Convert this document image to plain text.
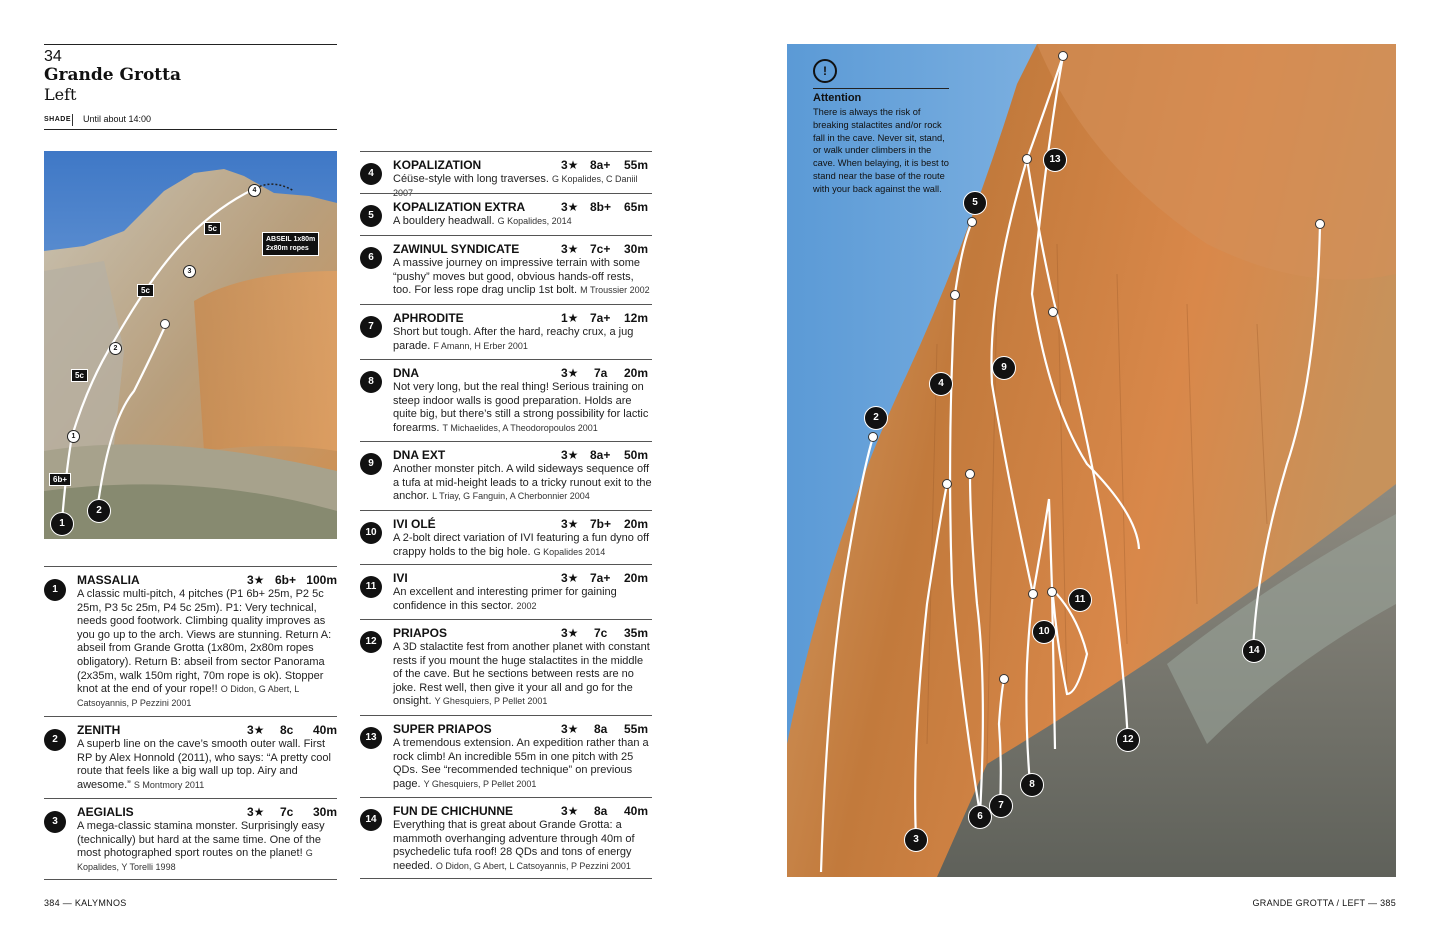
34
Grande Grotta
Left
SHADE Until about 14:00
5c
5c
5c
6b+
ABSEIL 1x80m
2x80m ropes
1
2
3
4
1
2
2
3
4
5
6
7
8
9
10
11
12
13
14
!
Attention
There is always the risk of breaking stalactites and/or rock fall in the cave. Never sit, stand, or walk under climbers in the cave. When belaying, it is best to stand near the base of the route with your back against the wall.
1
MASSALIA	3★ 6b+ 100m
A classic multi-pitch, 4 pitches (P1 6b+ 25m, P2 5c 25m, P3 5c 25m, P4 5c 25m). P1: Very technical, needs good footwork. Climbing quality improves as you go up to the arch. Views are stunning. Return A: abseil from Grande Grotta (1x80m, 2x80m ropes obligatory). Return B: abseil from sector Panorama (2x35m, walk 150m right, 70m rope is ok). Stopper knot at the end of your rope!! O Didon, G Abert, L Catsoyannis, P Pezzini 2001
2
ZENITH	3★ 8c	40m
A superb line on the cave’s smooth outer wall. First RP by Alex Honnold (2011), who says: “A pretty cool route that feels like a big wall up top. Airy and awesome.” S Montmory 2011
3
AEGIALIS	3★ 7c	30m
A mega-classic stamina monster. Surprisingly easy (technically) but hard at the same time. One of the most photographed sport routes on the planet! G Kopalides, Y Torelli 1998
4
KOPALIZATION	3★ 8a+	55m
Céüse-style with long traverses. G Kopalides, C Daniil 2007
5
KOPALIZATION EXTRA	3★ 8b+	65m
A bouldery headwall. G Kopalides, 2014
6
ZAWINUL SYNDICATE	3★ 7c+	30m
A massive journey on impressive terrain with some “pushy” moves but good, obvious hands-off rests, too. For less rope drag unclip 1st bolt. M Troussier 2002
7
APHRODITE	1★ 7a+	12m
Short but tough. After the hard, reachy crux, a jug parade. F Amann, H Erber 2001
8
DNA	3★ 7a	20m
Not very long, but the real thing! Serious training on steep indoor walls is good preparation. Holds are quite big, but there’s still a strong possibility for lactic forearms. T Michaelides, A Theodoropoulos 2001
9
DNA EXT	3★ 8a+	50m
Another monster pitch. A wild sideways sequence off a tufa at mid-height leads to a tricky runout exit to the anchor. L Triay, G Fanguin, A Cherbonnier 2004
10
IVI OLÉ	3★ 7b+	20m
A 2-bolt direct variation of IVI featuring a fun dyno off crappy holds to the big hole. G Kopalides 2014
11
IVI	3★ 7a+	20m
An excellent and interesting primer for gaining confidence in this sector. 2002
12
PRIAPOS	3★ 7c	35m
A 3D stalactite fest from another planet with constant rests if you mount the huge stalactites in the middle of the cave. But he sections between rests are no joke. Rest well, then give it your all and go for the onsight. Y Ghesquiers, P Pellet 2001
13
SUPER PRIAPOS	3★ 8a	55m
A tremendous extension. An expedition rather than a rock climb! An incredible 55m in one pitch with 25 QDs. See “recommended technique” on previous page. Y Ghesquiers, P Pellet 2001
14
FUN DE CHICHUNNE	3★ 8a	40m
Everything that is great about Grande Grotta: a mammoth overhanging adventure through 40m of psychedelic tufa roof! 28 QDs and tons of energy needed. O Didon, G Abert, L Catsoyannis, P Pezzini 2001
384 — KALYMNOS	GRANDE GROTTA / LEFT — 385
